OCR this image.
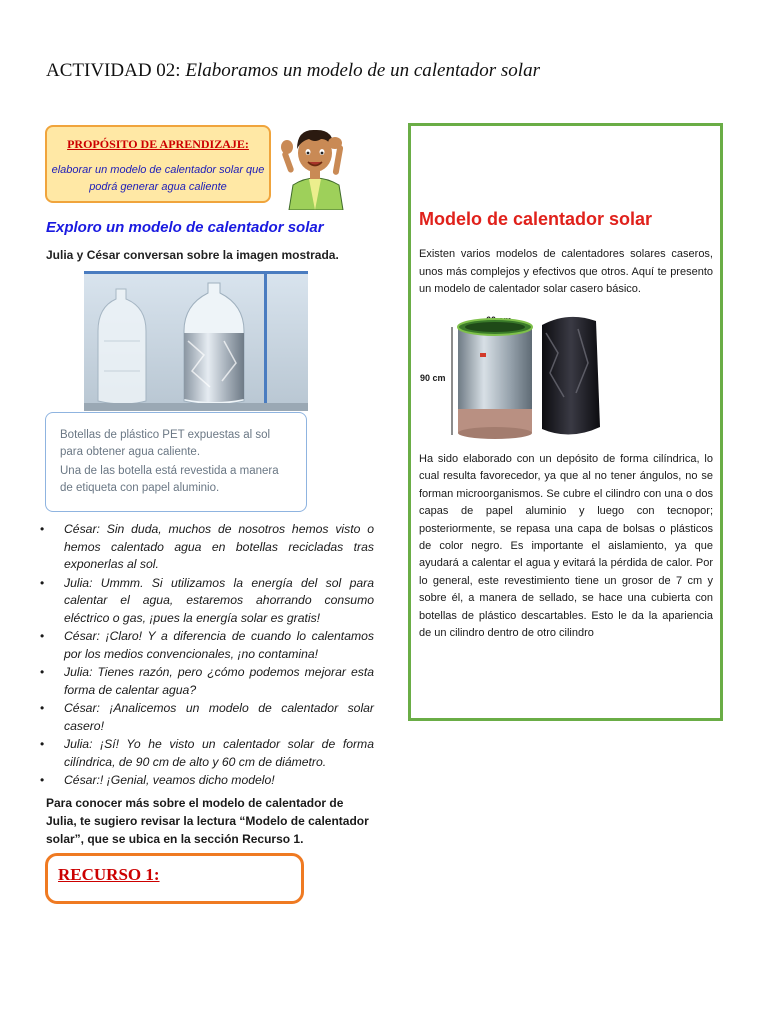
ACTIVIDAD 02: Elaboramos un modelo de un calentador solar
PROPÓSITO DE APRENDIZAJE:
elaborar un modelo de calentador solar que podrá generar agua caliente
Exploro un modelo de calentador solar
Julia y César conversan sobre la imagen mostrada.

Botellas de plástico PET expuestas al sol para obtener agua caliente.

Una de las botella está revestida a manera de etiqueta con papel aluminio.

• César: Sin duda, muchos de nosotros hemos visto o hemos calentado agua en botellas recicladas tras exponerlas al sol.
• Julia: Ummm. Si utilizamos la energía del sol para calentar el agua, estaremos ahorrando consumo eléctrico o gas, ¡pues la energía solar es gratis!
• César: ¡Claro! Y a diferencia de cuando lo calentamos por los medios convencionales, ¡no contamina!
• Julia: Tienes razón, pero ¿cómo podemos mejorar esta forma de calentar agua?
• César: ¡Analicemos un modelo de calentador solar casero!
• Julia: ¡Sí! Yo he visto un calentador solar de forma cilíndrica, de 90 cm de alto y 60 cm de diámetro.
• César:! ¡Genial, veamos dicho modelo!
Para conocer más sobre el modelo de calentador de Julia, te sugiero revisar la lectura “Modelo de calentador solar”, que se ubica en la sección Recurso 1.
RECURSO 1:
Modelo de calentador solar
Existen varios modelos de calentadores solares caseros, unos más complejos y efectivos que otros. Aquí te presento un modelo de calentador solar casero básico.
90 cm
Ha sido elaborado con un depósito de forma cilíndrica, lo cual resulta favorecedor, ya que al no tener ángulos, no se forman microorganismos. Se cubre el cilindro con una o dos capas de papel aluminio y luego con tecnopor; posteriormente, se repasa una capa de bolsas o plásticos de color negro. Es importante el aislamiento, ya que ayudará a calentar el agua y evitará la pérdida de calor. Por lo general, este revestimiento tiene un grosor de 7 cm y sobre él, a manera de sellado, se hace una cubierta con botellas de plástico descartables. Esto le da la apariencia de un cilindro dentro de otro cilindro
